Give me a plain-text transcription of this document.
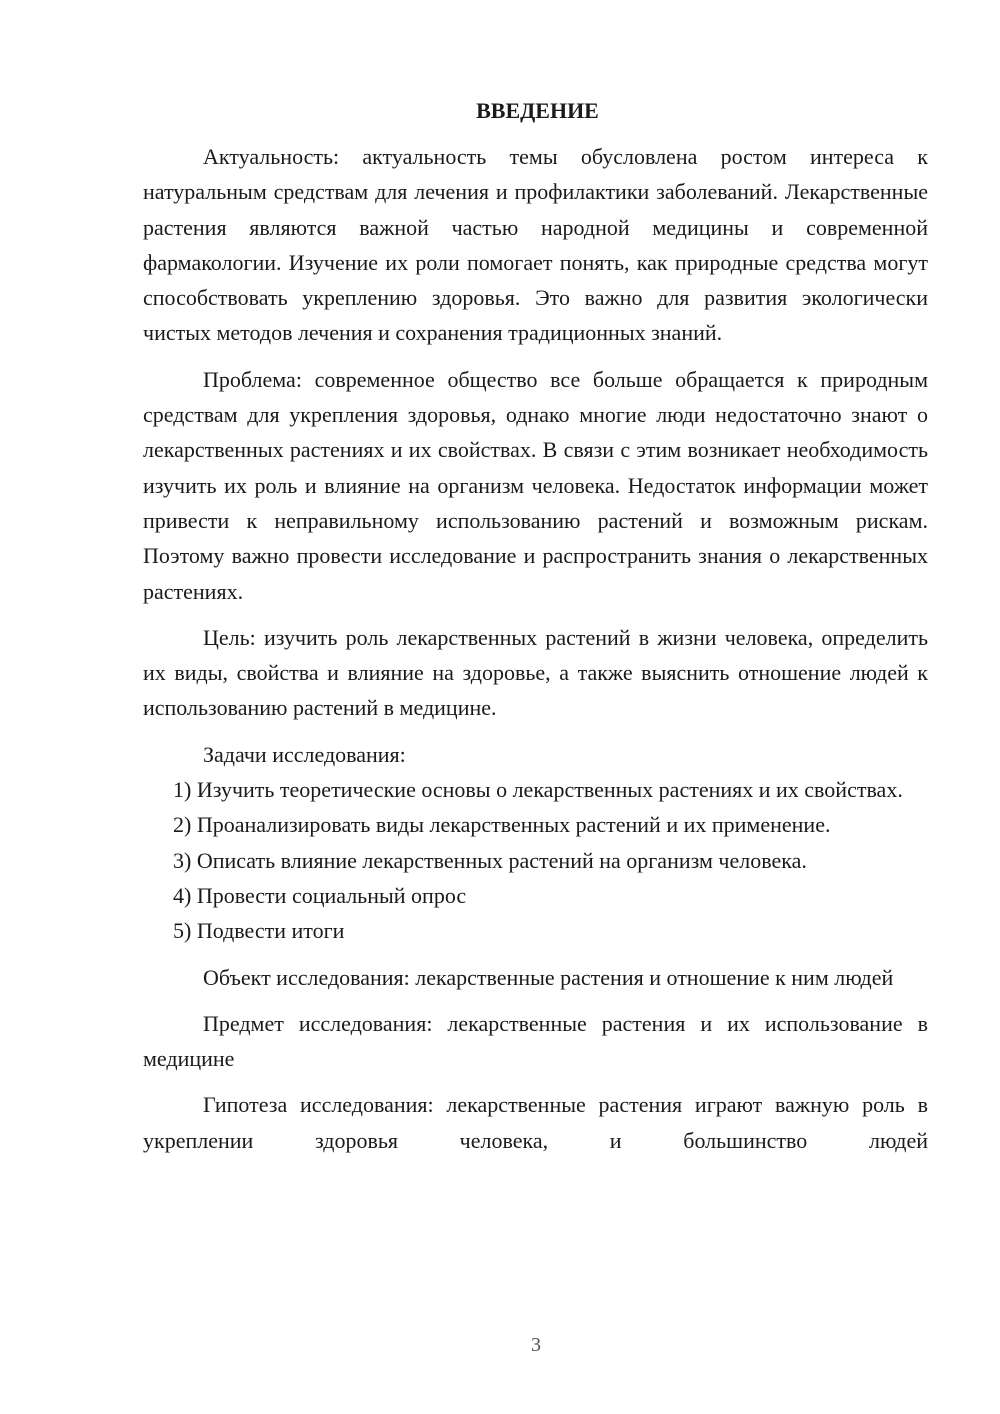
ВВЕДЕНИЕ

Актуальность: актуальность темы обусловлена ростом интереса к натуральным средствам для лечения и профилактики заболеваний. Лекарственные растения являются важной частью народной медицины и современной фармакологии. Изучение их роли помогает понять, как природные средства могут способствовать укреплению здоровья. Это важно для развития экологически чистых методов лечения и сохранения традиционных знаний.

Проблема: современное общество все больше обращается к природным средствам для укрепления здоровья, однако многие люди недостаточно знают о лекарственных растениях и их свойствах. В связи с этим возникает необходимость изучить их роль и влияние на организм человека. Недостаток информации может привести к неправильному использованию растений и возможным рискам. Поэтому важно провести исследование и распространить знания о лекарственных растениях.

Цель: изучить роль лекарственных растений в жизни человека, определить их виды, свойства и влияние на здоровье, а также выяснить отношение людей к использованию растений в медицине.

Задачи исследования:

1) Изучить теоретические основы о лекарственных растениях и их свойствах.

2) Проанализировать виды лекарственных растений и их применение.

3) Описать влияние лекарственных растений на организм человека.

4) Провести социальный опрос

5) Подвести итоги

Объект исследования: лекарственные растения и отношение к ним людей

Предмет исследования: лекарственные растения и их использование в медицине

Гипотеза исследования: лекарственные растения играют важную роль в укреплении здоровья человека, и большинство людей

3
